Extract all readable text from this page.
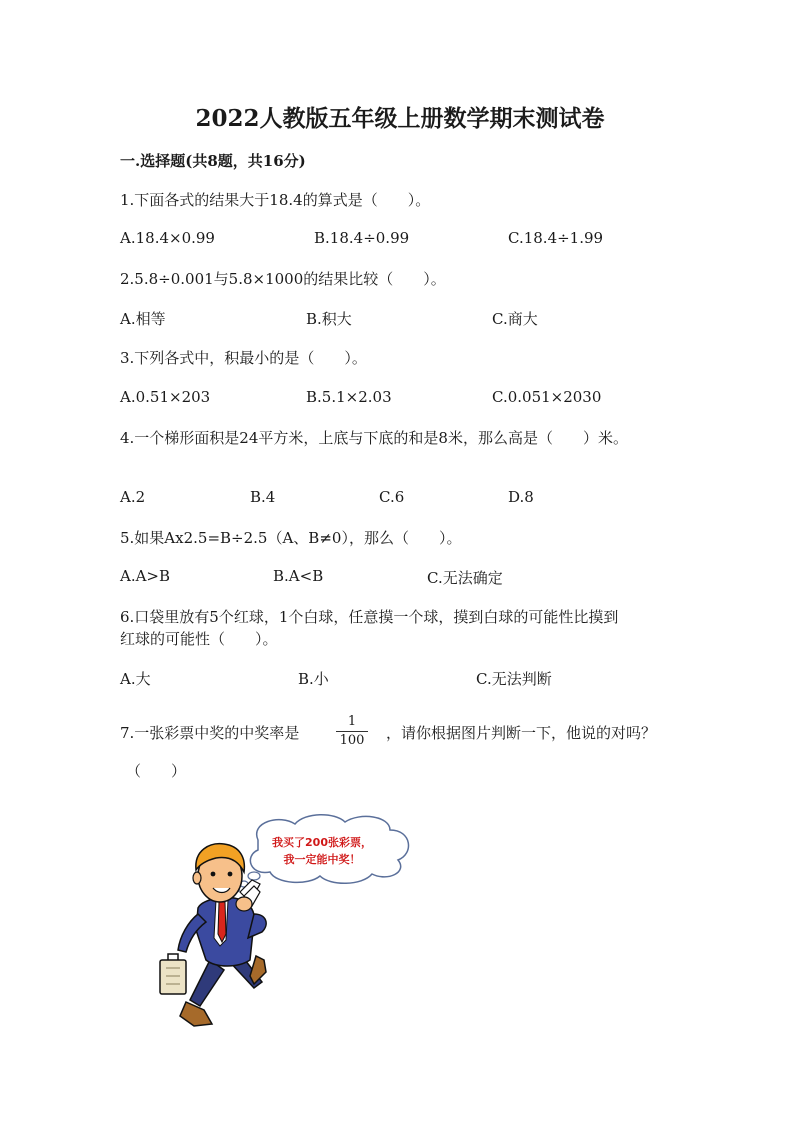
2022人教版五年级上册数学期末测试卷
一.选择题(共8题，共16分)
1.下面各式的结果大于18.4的算式是（　　）。
A.18.4×0.99	B.18.4÷0.99	C.18.4÷1.99
2.5.8÷0.001与5.8×1000的结果比较（　　）。
A.相等	B.积大	C.商大
3.下列各式中，积最小的是（　　）。
A.0.51×203	B.5.1×2.03	C.0.051×2030
4.一个梯形面积是24平方米，上底与下底的和是8米，那么高是（　　）米。
A.2	B.4	C.6	D.8
5.如果Ax2.5=B÷2.5（A、B≠0），那么（　　）。
A.A>B	B.A<B	C.无法确定
6.口袋里放有5个红球，1个白球，任意摸一个球，摸到白球的可能性比摸到
红球的可能性（　　）。
A.大	B.小	C.无法判断
7.一张彩票中奖的中奖率是
1
100 ，请你根据图片判断一下，他说的对吗？
（　　）
我买了200张彩票，
我一定能中奖！
